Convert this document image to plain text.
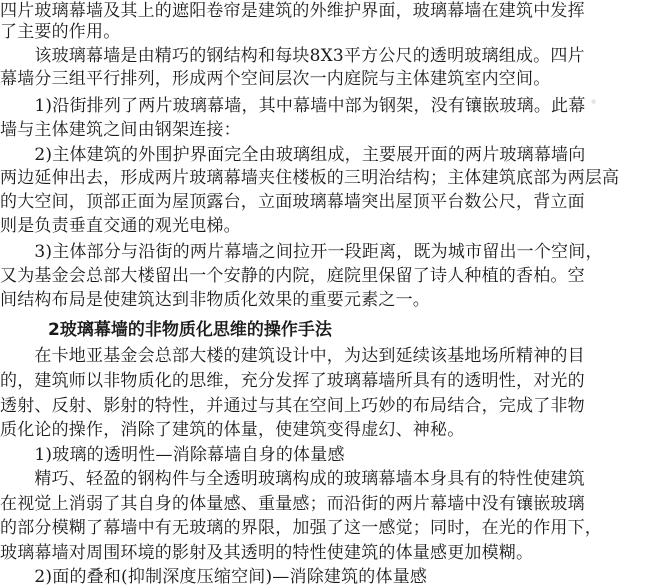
·
四片玻璃幕墙及其上的遮阳卷帘是建筑的外维护界面，玻璃幕墙在建筑中发挥
了主要的作用。
　　该玻璃幕墙是由精巧的钢结构和每块8X3平方公尺的透明玻璃组成。四片
幕墙分三组平行排列，形成两个空间层次一内庭院与主体建筑室内空间。
　　1)沿街排列了两片玻璃幕墙，其中幕墙中部为钢架，没有镶嵌玻璃。此幕
墙与主体建筑之间由钢架连接：
　　2)主体建筑的外围护界面完全由玻璃组成，主要展开面的两片玻璃幕墙向
两边延伸出去，形成两片玻璃幕墙夹住楼板的三明治结构；主体建筑底部为两层高
的大空间，顶部正面为屋顶露台，立面玻璃幕墙突出屋顶平台数公尺，背立面
则是负责垂直交通的观光电梯。
　　3)主体部分与沿街的两片幕墙之间拉开一段距离，既为城市留出一个空间，
又为基金会总部大楼留出一个安静的内院，庭院里保留了诗人种植的香柏。空
间结构布局是使建筑达到非物质化效果的重要元素之一。
2玻璃幕墙的非物质化思维的操作手法
　　在卡地亚基金会总部大楼的建筑设计中，为达到延续该基地场所精神的目
的，建筑师以非物质化的思维，充分发挥了玻璃幕墙所具有的透明性，对光的
透射、反射、影射的特性，并通过与其在空间上巧妙的布局结合，完成了非物
质化论的操作，消除了建筑的体量，使建筑变得虚幻、神秘。
　　1)玻璃的透明性—消除幕墙自身的体量感
　　精巧、轻盈的钢构件与全透明玻璃构成的玻璃幕墙本身具有的特性使建筑
在视觉上消弱了其自身的体量感、重量感；而沿街的两片幕墙中没有镶嵌玻璃
的部分模糊了幕墙中有无玻璃的界限，加强了这一感觉；同时，在光的作用下，
玻璃幕墙对周围环境的影射及其透明的特性使建筑的体量感更加模糊。
　　2)面的叠和(抑制深度压缩空间)—消除建筑的体量感
